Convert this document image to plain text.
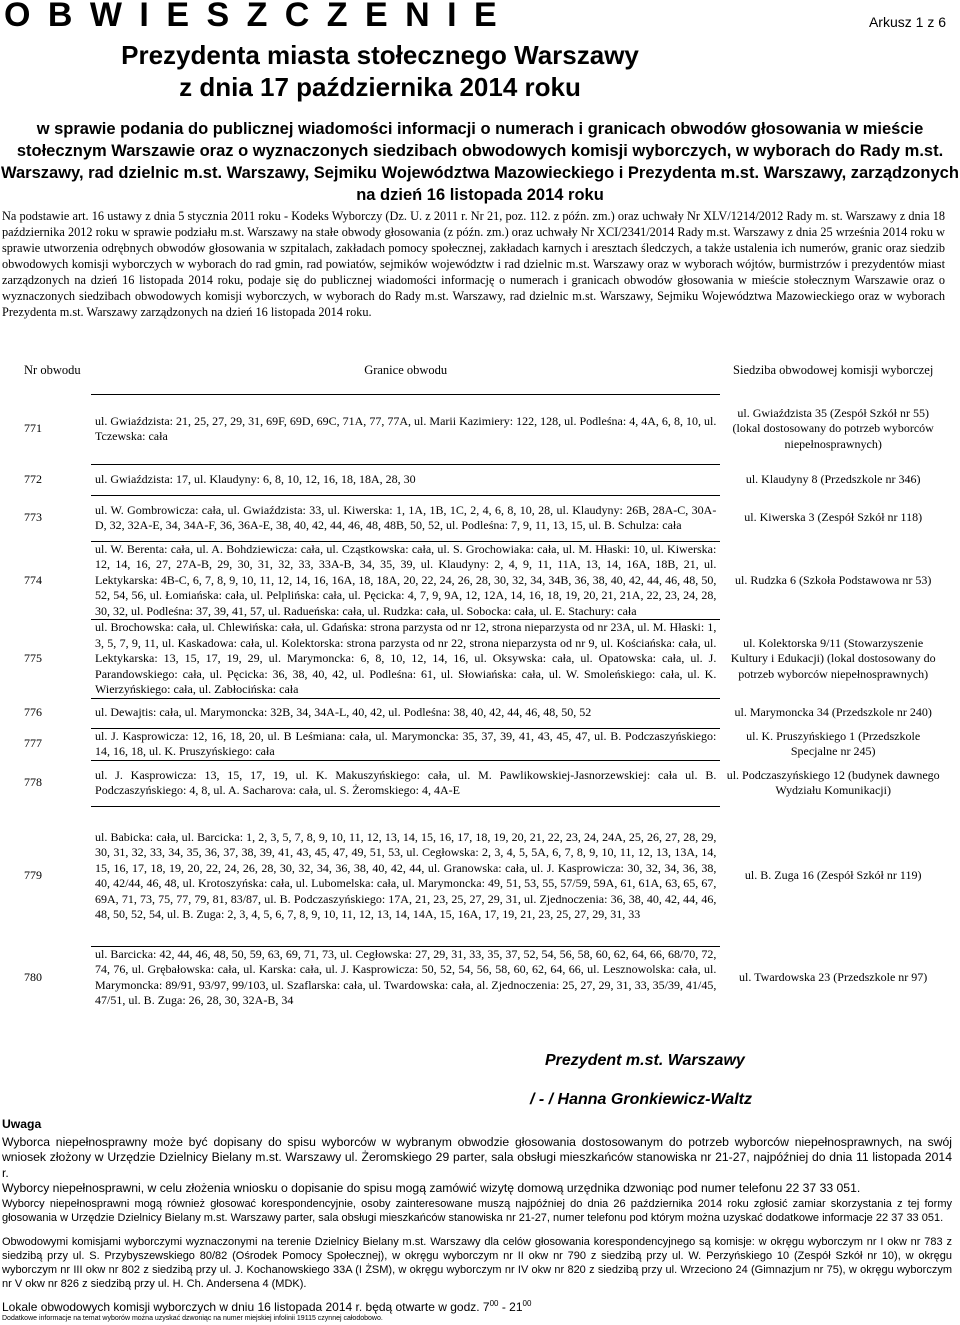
O B W I E S Z C Z E N I E	Arkusz 1 z 6
Prezydenta miasta stołecznego Warszawy
z dnia 17 października 2014 roku
w sprawie podania do publicznej wiadomości informacji o numerach i granicach obwodów głosowania w mieście stołecznym Warszawie oraz o wyznaczonych siedzibach obwodowych komisji wyborczych, w wyborach do Rady m.st. Warszawy, rad dzielnic m.st. Warszawy, Sejmiku Województwa Mazowieckiego i Prezydenta m.st. Warszawy, zarządzonych na dzień 16 listopada 2014 roku
Na podstawie art. 16 ustawy z dnia 5 stycznia 2011 roku - Kodeks Wyborczy (Dz. U. z 2011 r. Nr 21, poz. 112. z późn. zm.) oraz uchwały Nr XLV/1214/2012 Rady m. st. Warszawy z dnia 18 października 2012 roku w sprawie podziału m.st. Warszawy na stałe obwody głosowania (z późn. zm.) oraz uchwały Nr XCI/2341/2014 Rady m.st. Warszawy z dnia 25 września 2014 roku w sprawie utworzenia odrębnych obwodów głosowania w szpitalach, zakładach pomocy społecznej, zakładach karnych i aresztach śledczych, a także ustalenia ich numerów, granic oraz siedzib obwodowych komisji wyborczych w wyborach do rad gmin, rad powiatów, sejmików województw i rad dzielnic m.st. Warszawy oraz w wyborach wójtów, burmistrzów i prezydentów miast zarządzonych na dzień 16 listopada 2014 roku, podaje się do publicznej wiadomości informację o numerach i granicach obwodów głosowania w mieście stołecznym Warszawie oraz o wyznaczonych siedzibach obwodowych komisji wyborczych, w wyborach do Rady m.st. Warszawy, rad dzielnic m.st. Warszawy, Sejmiku Województwa Mazowieckiego oraz w wyborach Prezydenta m.st. Warszawy zarządzonych na dzień 16 listopada 2014 roku.
Nr obwodu	Granice obwodu	Siedziba obwodowej komisji wyborczej
771	ul. Gwiaździsta: 21, 25, 27, 29, 31, 69F, 69D, 69C, 71A, 77, 77A, ul. Marii Kazimiery: 122, 128, ul. Podleśna: 4, 4A, 6, 8, 10, ul. Tczewska: cała	ul. Gwiaździsta 35 (Zespół Szkół nr 55) (lokal dostosowany do potrzeb wyborców niepełnosprawnych)
772	ul. Gwiaździsta: 17, ul. Klaudyny: 6, 8, 10, 12, 16, 18, 18A, 28, 30	ul. Klaudyny 8 (Przedszkole nr 346)
773	ul. W. Gombrowicza: cała, ul. Gwiaździsta: 33, ul. Kiwerska: 1, 1A, 1B, 1C, 2, 4, 6, 8, 10, 28, ul. Klaudyny: 26B, 28A-C, 30A-D, 32, 32A-E, 34, 34A-F, 36, 36A-E, 38, 40, 42, 44, 46, 48, 48B, 50, 52, ul. Podleśna: 7, 9, 11, 13, 15, ul. B. Schulza: cała	ul. Kiwerska 3 (Zespół Szkół nr 118)
774	ul. W. Berenta: cała, ul. A. Bohdziewicza: cała, ul. Cząstkowska: cała, ul. S. Grochowiaka: cała, ul. M. Hłaski: 10, ul. Kiwerska: 12, 14, 16, 27, 27A-B, 29, 30, 31, 32, 33, 33A-B, 34, 35, 39, ul. Klaudyny: 2, 4, 9, 11, 11A, 13, 14, 16A, 18B, 21, ul. Lektykarska: 4B-C, 6, 7, 8, 9, 10, 11, 12, 14, 16, 16A, 18, 18A, 20, 22, 24, 26, 28, 30, 32, 34, 34B, 36, 38, 40, 42, 44, 46, 48, 50, 52, 54, 56, ul. Łomiańska: cała, ul. Pelplińska: cała, ul. Pęcicka: 4, 7, 9, 9A, 12, 12A, 14, 16, 18, 19, 20, 21, 21A, 22, 23, 24, 28, 30, 32, ul. Podleśna: 37, 39, 41, 57, ul. Radueńska: cała, ul. Rudzka: cała, ul. Sobocka: cała, ul. E. Stachury: cała	ul. Rudzka 6 (Szkoła Podstawowa nr 53)
775	ul. Brochowska: cała, ul. Chlewińska: cała, ul. Gdańska: strona parzysta od nr 12, strona nieparzysta od nr 23A, ul. M. Hłaski: 1, 3, 5, 7, 9, 11, ul. Kaskadowa: cała, ul. Kolektorska: strona parzysta od nr 22, strona nieparzysta od nr 9, ul. Kościańska: cała, ul. Lektykarska: 13, 15, 17, 19, 29, ul. Marymoncka: 6, 8, 10, 12, 14, 16, ul. Oksywska: cała, ul. Opatowska: cała, ul. J. Parandowskiego: cała, ul. Pęcicka: 36, 38, 40, 42, ul. Podleśna: 61, ul. Słowiańska: cała, ul. W. Smoleńskiego: cała, ul. K. Wierzyńskiego: cała, ul. Zabłocińska: cała	ul. Kolektorska 9/11 (Stowarzyszenie Kultury i Edukacji) (lokal dostosowany do potrzeb wyborców niepełnosprawnych)
776	ul. Dewajtis: cała, ul. Marymoncka: 32B, 34, 34A-L, 40, 42, ul. Podleśna: 38, 40, 42, 44, 46, 48, 50, 52	ul. Marymoncka 34 (Przedszkole nr 240)
777	ul. J. Kasprowicza: 12, 16, 18, 20, ul. B Leśmiana: cała, ul. Marymoncka: 35, 37, 39, 41, 43, 45, 47, ul. B. Podczaszyńskiego: 14, 16, 18, ul. K. Pruszyńskiego: cała	ul. K. Pruszyńskiego 1 (Przedszkole Specjalne nr 245)
778	ul. J. Kasprowicza: 13, 15, 17, 19, ul. K. Makuszyńskiego: cała, ul. M. Pawlikowskiej-Jasnorzewskiej: cała ul. B. Podczaszyńskiego: 4, 8, ul. A. Sacharova: cała, ul. S. Żeromskiego: 4, 4A-E	ul. Podczaszyńskiego 12 (budynek dawnego Wydziału Komunikacji)
779	ul. Babicka: cała, ul. Barcicka: 1, 2, 3, 5, 7, 8, 9, 10, 11, 12, 13, 14, 15, 16, 17, 18, 19, 20, 21, 22, 23, 24, 24A, 25, 26, 27, 28, 29, 30, 31, 32, 33, 34, 35, 36, 37, 38, 39, 41, 43, 45, 47, 49, 51, 53, ul. Cegłowska: 2, 3, 4, 5, 5A, 6, 7, 8, 9, 10, 11, 12, 13, 13A, 14, 15, 16, 17, 18, 19, 20, 22, 24, 26, 28, 30, 32, 34, 36, 38, 40, 42, 44, ul. Granowska: cała, ul. J. Kasprowicza: 30, 32, 34, 36, 38, 40, 42/44, 46, 48, ul. Krotoszyńska: cała, ul. Lubomelska: cała, ul. Marymoncka: 49, 51, 53, 55, 57/59, 59A, 61, 61A, 63, 65, 67, 69A, 71, 73, 75, 77, 79, 81, 83/87, ul. B. Podczaszyńskiego: 17A, 21, 23, 25, 27, 29, 31, ul. Zjednoczenia: 36, 38, 40, 42, 44, 46, 48, 50, 52, 54, ul. B. Zuga: 2, 3, 4, 5, 6, 7, 8, 9, 10, 11, 12, 13, 14, 14A, 15, 16A, 17, 19, 21, 23, 25, 27, 29, 31, 33	ul. B. Zuga 16 (Zespół Szkół nr 119)
780	ul. Barcicka: 42, 44, 46, 48, 50, 59, 63, 69, 71, 73, ul. Cegłowska: 27, 29, 31, 33, 35, 37, 52, 54, 56, 58, 60, 62, 64, 66, 68/70, 72, 74, 76, ul. Grębałowska: cała, ul. Karska: cała, ul. J. Kasprowicza: 50, 52, 54, 56, 58, 60, 62, 64, 66, ul. Lesznowolska: cała, ul. Marymoncka: 89/91, 93/97, 99/103, ul. Szaflarska: cała, ul. Twardowska: cała, al. Zjednoczenia: 25, 27, 29, 31, 33, 35/39, 41/45, 47/51, ul. B. Zuga: 26, 28, 30, 32A-B, 34	ul. Twardowska 23 (Przedszkole nr 97)
Prezydent m.st. Warszawy
/ - / Hanna Gronkiewicz-Waltz

Uwaga

Wyborca niepełnosprawny może być dopisany do spisu wyborców w wybranym obwodzie głosowania dostosowanym do potrzeb wyborców niepełnosprawnych, na swój wniosek złożony w Urzędzie Dzielnicy Bielany m.st. Warszawy ul. Żeromskiego 29 parter, sala obsługi mieszkańców stanowiska nr 21-27, najpóźniej do dnia 11 listopada 2014 r.

Wyborcy niepełnosprawni, w celu złożenia wniosku o dopisanie do spisu mogą zamówić wizytę domową urzędnika dzwoniąc pod numer telefonu 22 37 33 051.

Wyborcy niepełnosprawni mogą również głosować korespondencyjnie, osoby zainteresowane muszą najpóźniej do dnia 26 października 2014 roku zgłosić zamiar skorzystania z tej formy głosowania w Urzędzie Dzielnicy Bielany m.st. Warszawy parter, sala obsługi mieszkańców stanowiska nr 21-27, numer telefonu pod którym można uzyskać dodatkowe informacje 22 37 33 051.

Obwodowymi komisjami wyborczymi wyznaczonymi na terenie Dzielnicy Bielany m.st. Warszawy dla celów głosowania korespondencyjnego są komisje: w okręgu wyborczym nr I okw nr 783 z siedzibą przy ul. S. Przybyszewskiego 80/82 (Ośrodek Pomocy Społecznej), w okręgu wyborczym nr II okw nr 790 z siedzibą przy ul. W. Perzyńskiego 10 (Zespół Szkół nr 10), w okręgu wyborczym nr III okw nr 802 z siedzibą przy ul. J. Kochanowskiego 33A (I ŻSM), w okręgu wyborczym nr IV okw nr 820 z siedzibą przy ul. Wrzeciono 24 (Gimnazjum nr 75), w okręgu wyborczym nr V okw nr 826 z siedzibą przy ul. H. Ch. Andersena 4 (MDK).

Lokale obwodowych komisji wyborczych w dniu 16 listopada 2014 r. będą otwarte w godz. $7^{00} - 21^{00}$
Dodatkowe informacje na temat wyborów można uzyskać dzwoniąc na numer miejskiej infolinii 19115 czynnej całodobowo.
